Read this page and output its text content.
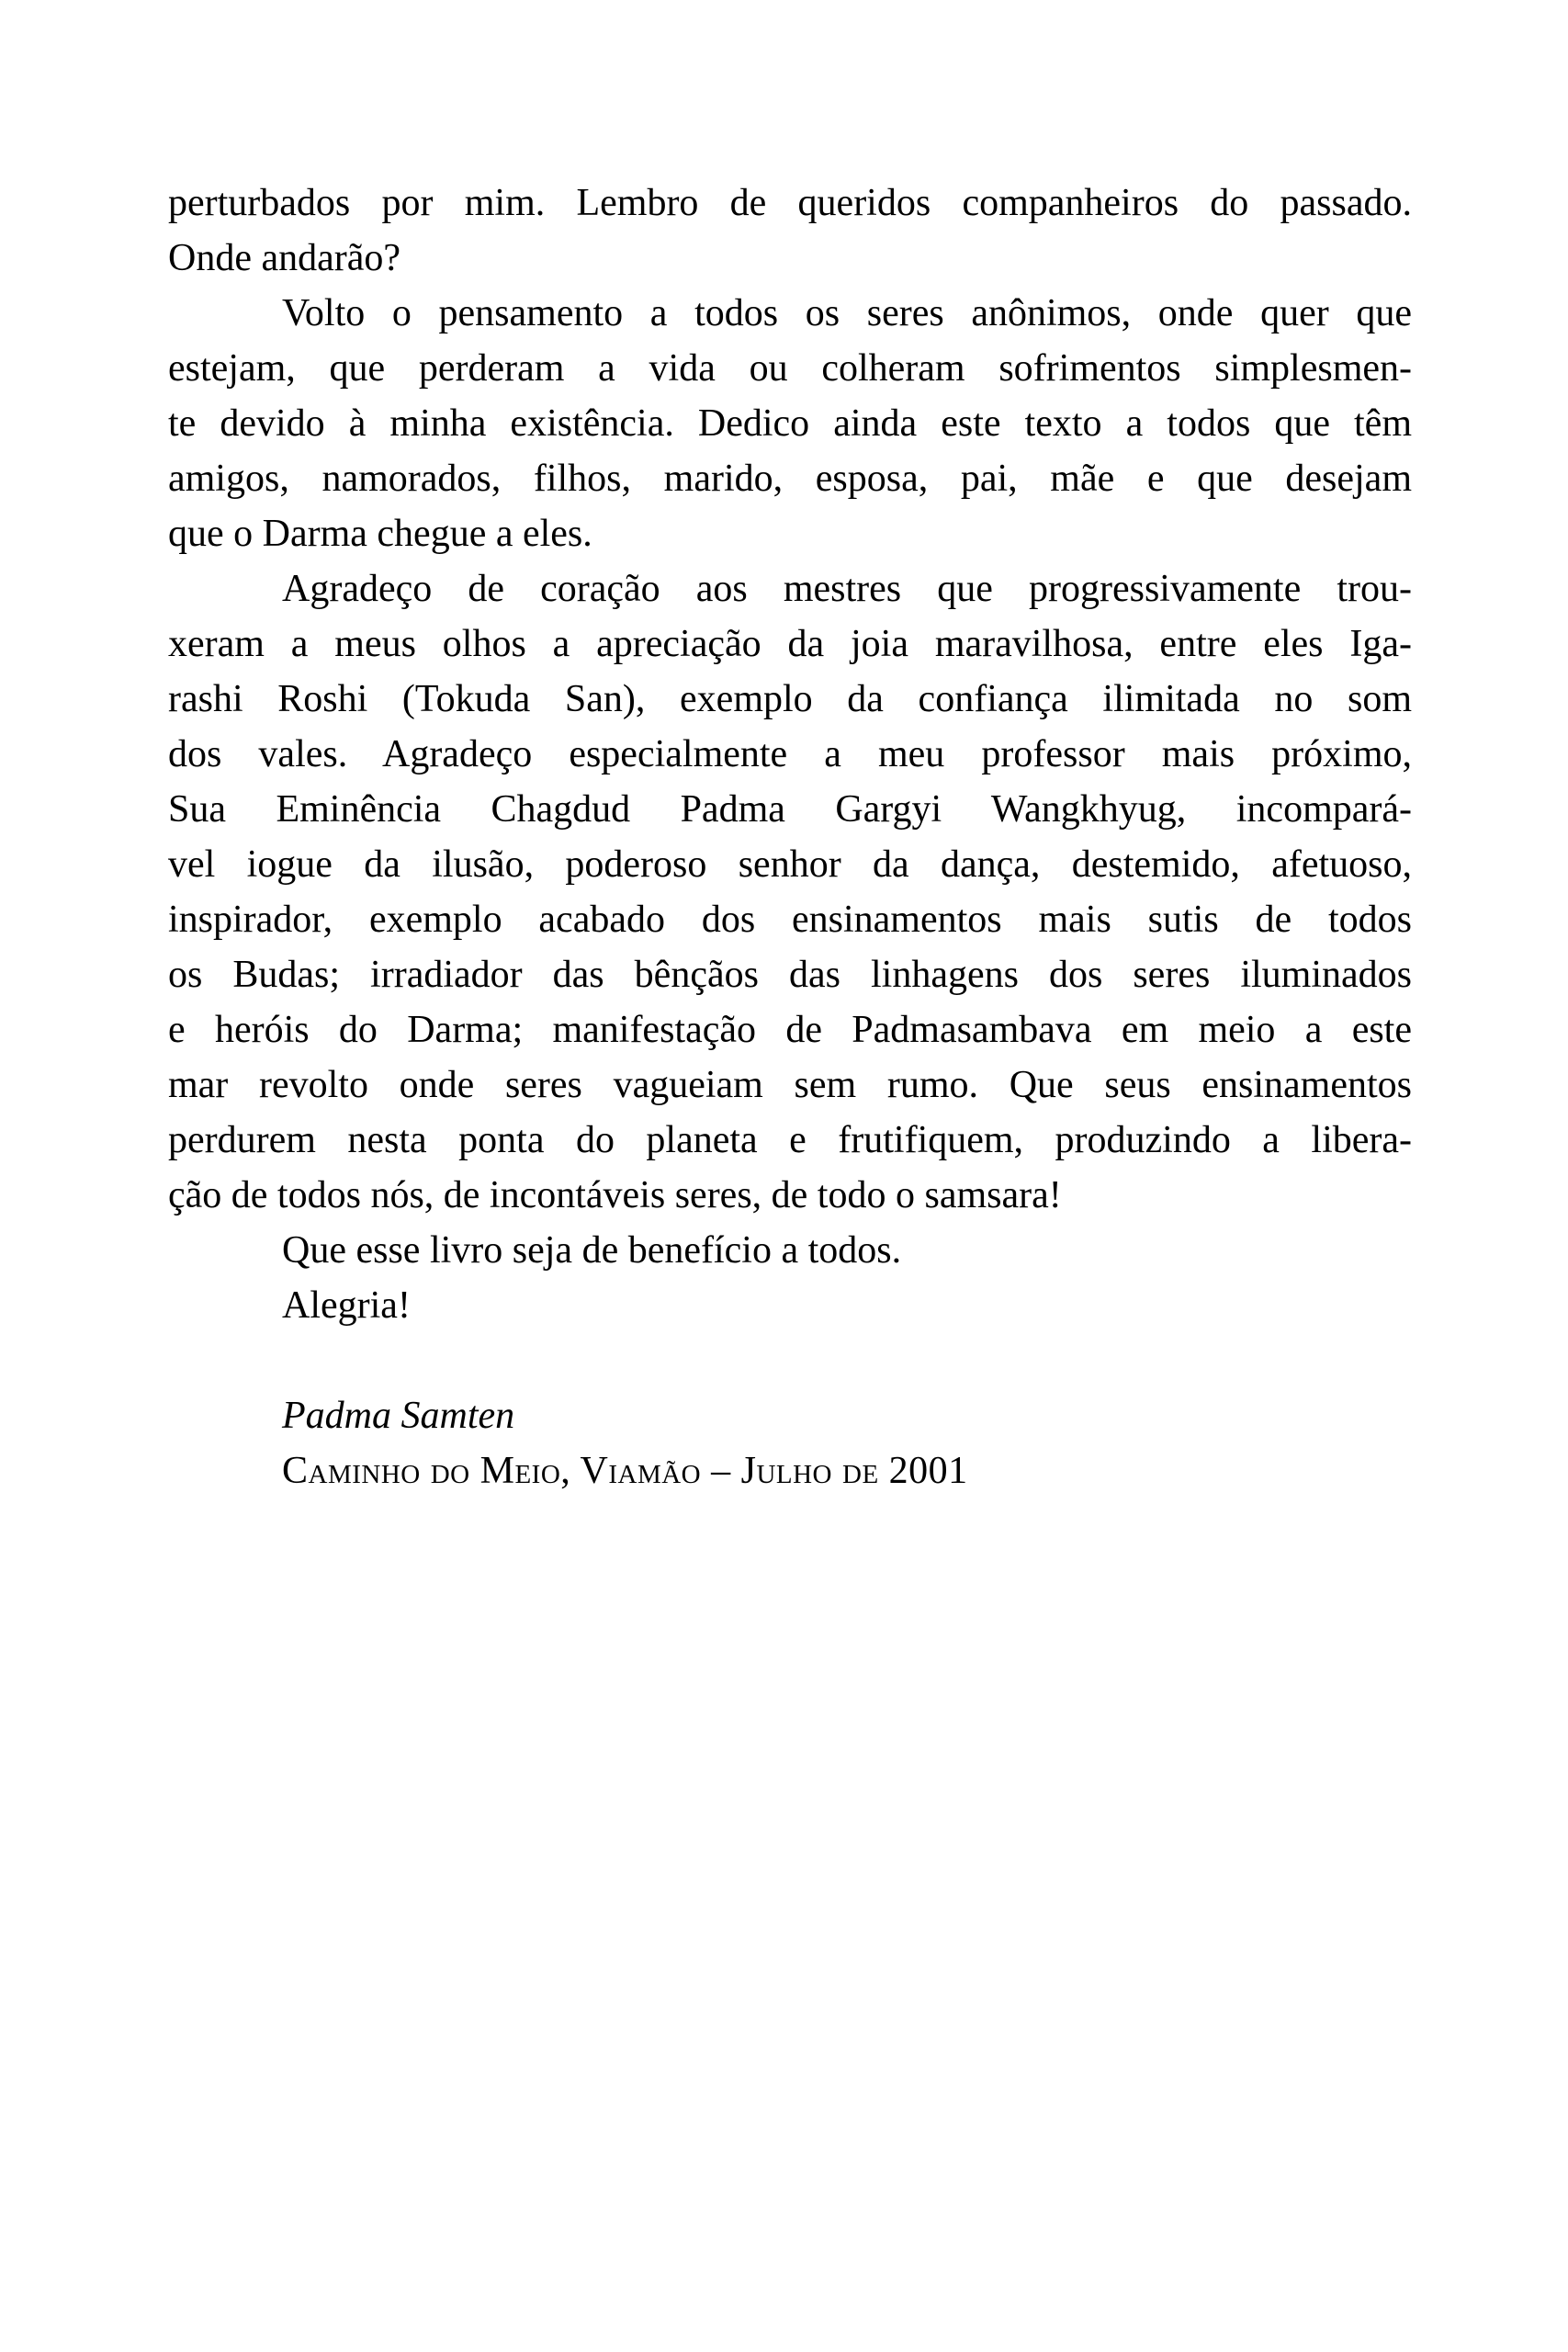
perturbados por mim. Lembro de queridos companheiros do passado.
Onde andarão?
Volto o pensamento a todos os seres anônimos, onde quer que
estejam, que perderam a vida ou colheram sofrimentos simplesmen-
te devido à minha existência. Dedico ainda este texto a todos que têm
amigos, namorados, filhos, marido, esposa, pai, mãe e que desejam
que o Darma chegue a eles.
Agradeço de coração aos mestres que progressivamente trou-
xeram a meus olhos a apreciação da joia maravilhosa, entre eles Iga-
rashi Roshi (Tokuda San), exemplo da confiança ilimitada no som
dos vales. Agradeço especialmente a meu professor mais próximo,
Sua Eminência Chagdud Padma Gargyi Wangkhyug, incompará-
vel iogue da ilusão, poderoso senhor da dança, destemido, afetuoso,
inspirador, exemplo acabado dos ensinamentos mais sutis de todos
os Budas; irradiador das bênçãos das linhagens dos seres iluminados
e heróis do Darma; manifestação de Padmasambava em meio a este
mar revolto onde seres vagueiam sem rumo. Que seus ensinamentos
perdurem nesta ponta do planeta e frutifiquem, produzindo a libera-
ção de todos nós, de incontáveis seres, de todo o samsara!
Que esse livro seja de benefício a todos.
Alegria!
Padma Samten
Caminho do Meio, Viamão – Julho de 2001
